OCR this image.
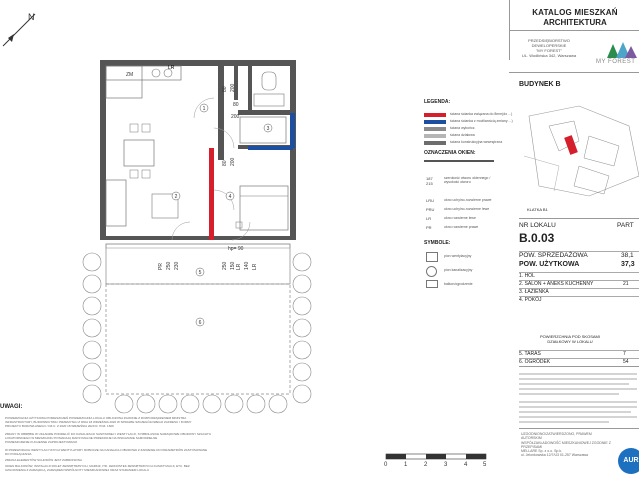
N
1
2
3
4
5
6
ZM
80
200
hp= 90
80 200
80 200
PR 250 230	LR 140
150
250	LR
LR
KATALOG MIESZKAŃ
ARCHITEKTURA
PRZEDSIĘBIORSTWO
DEWELOPERSKIE
"MY FOREST"
UL. Wodlińska 342, Warszawa
MY FOREST
LEGENDA:
ściana ścianka związana do 8mm(do ...)
ściana ścianka z możliwością zmiany ...)
ściana wykończ.
ściana działowa
ściana konstrukcyjna wewnętrzna
OZNACZENIA OKIEN:
187
215
szerokość otworu okiennego / wysokość otworu
LRU	okno uchylno-rozwierne prawe
PRU	okno uchylno-rozwierne lewe
LR	okno rozwierne lewe
PR	okno rozwierne prawe
SYMBOLE:
pion wentylacyjny
pion kanalizacyjny
balkon/ogrodzenie
BUDYNEK B
KLATKA B1
NR LOKALU	PART
B.0.03
POW. SPRZEDAŻOWA	38,1
POW. UŻYTKOWA	37,3
1. HOL
2. SALON + ANEKS KUCHENNY	21
3. ŁAZIENKA
4. POKÓJ
POWIERZCHNIA POD SKOSAMI
DZIAŁKOWY W LOKALU
5. TARAS	7
6. OGRÓDEK	54
UZGODNIONO/ZATWIERDZONO, PRAWEM AUTORSKIM
WSPÓŁZAKŁADOWOŚĆ MIESZKANIOWEJ ZGODNIE Z PRZEPISAMI
MELLARE Sp. z o.o. Sp.k.
ul. Jelonkowska 12/7/U3 01-257 Warszawa
AUR
UWAGI:
POWIERZCHNIA UŻYTKOWA POMIESZCZEŃ POWIERZCHNIA LOKALU OBLICZONA ZGODNIE Z ROZPORZĄDZENIEM MINISTRA
INFRASTRUKTURY, BUDOWNICTWA I PRZEMYSŁU Z DNIA 18 WRZEŚNIA 2020 W SPRAWIE SZCZEGÓŁOWEGO ZAKRESU I FORMY
PROJEKTU BUDOWLANEGO / DZ.U. Z 2020 18 WRZEŚNIA 2020 R. POZ. 1609
ZMIANY W OBRĘBIE W UKŁADZIE PODZIELIĆ DO KANALIZACJI SANITARNEJ I WENTYLACJI, SYMBOLASICE NARZĄDOWE OBUDOWY SZACHTU
LOKATORSKIEGO W MIESZKANIU POSIADAJĄ MAKSYMALNE PRZEKROJE NA WSKAZANIE SAMODZIELNE
POMIESZCZENIE KUCHENNE ZAPROJEKTOWANO
W PRZEWODACH WENTYLACYJNYCH WENTYLATORY ROBOCZE NA KANAŁACH OBUDOWA Z ZAKRESIE DO PARAMETRÓW ZASTOSOWANE
DO PODŁĄCZANIA
ZMIANA ELEMENTÓW SCHODÓW JEST ZABRONIONA
OKIEN BALKONÓW, INSTALACJI ROLET ZEWNĘTRZNYCH, MARKIZ, ITD. JEDNOSTEK ZEWNĘTRZNYCH KLIMATYZACJI, ETC. BEZ
UZGODNIENIA Z ZARZĄDCĄ, ZARZĄDEM WSPÓLNOTY MIESZKANIOWEJ ORAZ STARANIEM LOKALU
0	1	2	3	4	5
